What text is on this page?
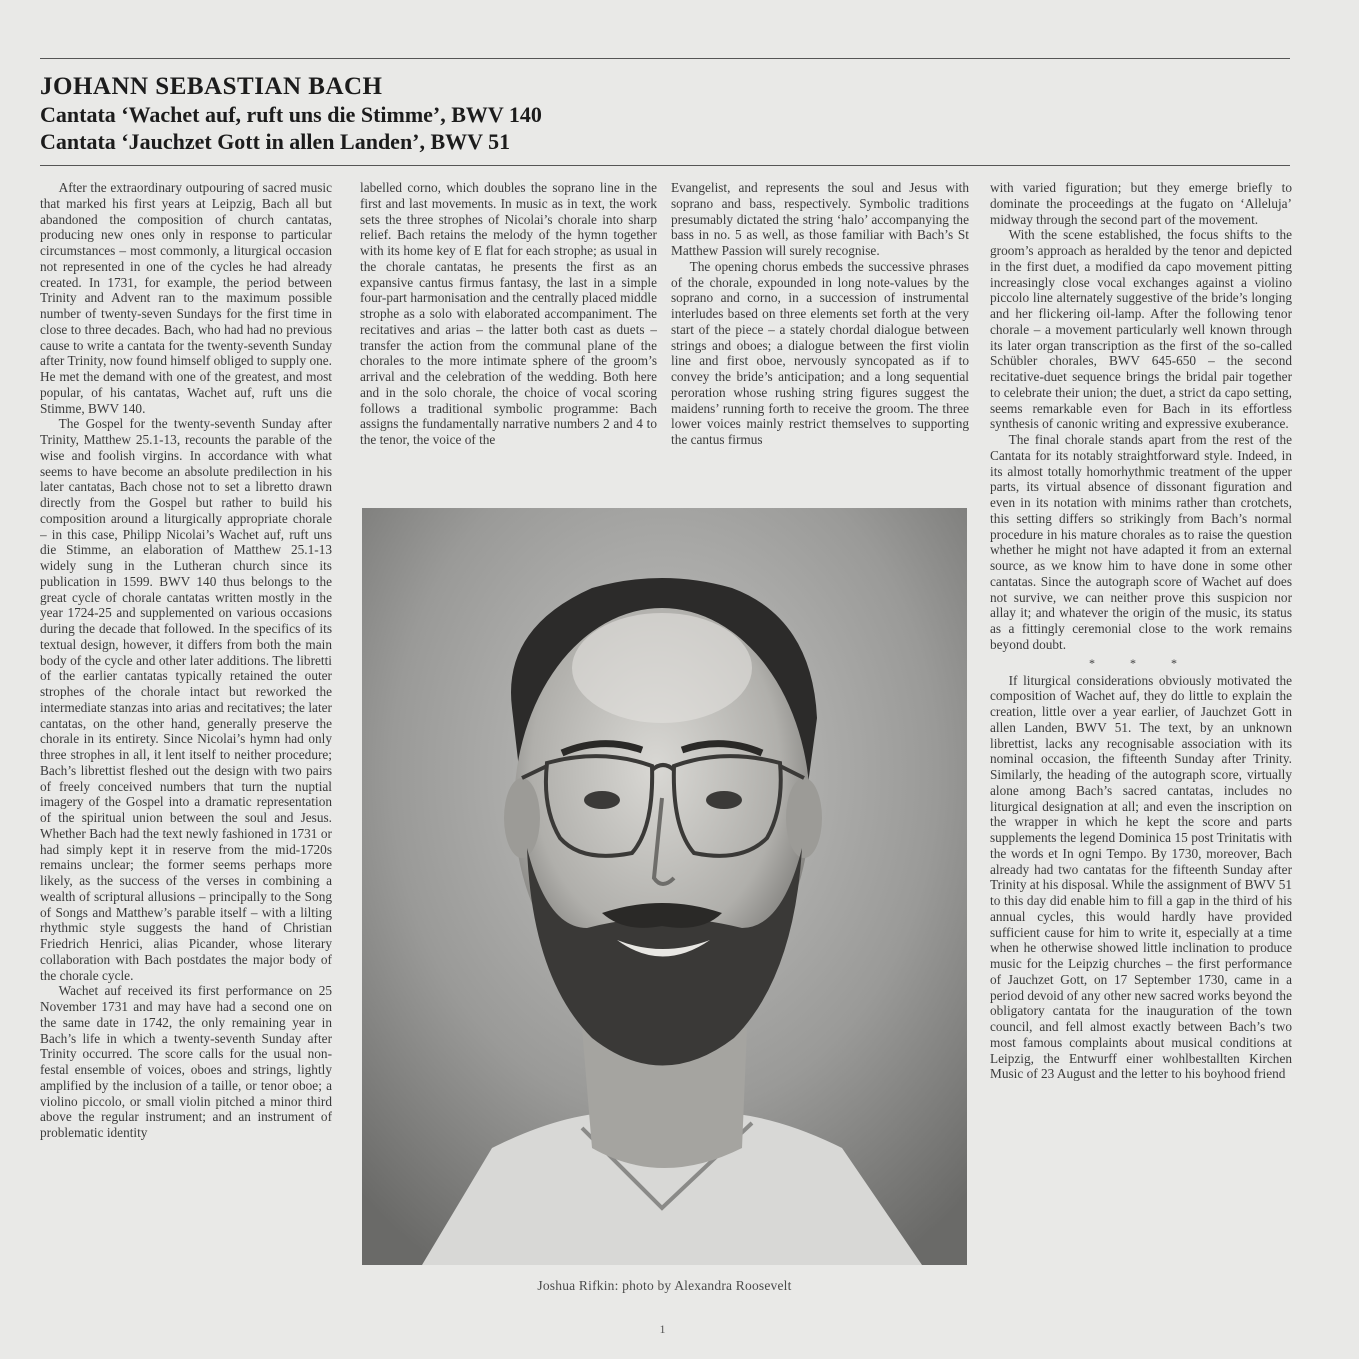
JOHANN SEBASTIAN BACH
Cantata ‘Wachet auf, ruft uns die Stimme’, BWV 140
Cantata ‘Jauchzet Gott in allen Landen’, BWV 51

After the extraordinary outpouring of sacred music that marked his first years at Leipzig, Bach all but abandoned the composition of church cantatas, producing new ones only in response to particular circumstances – most commonly, a liturgical occasion not represented in one of the cycles he had already created. In 1731, for example, the period between Trinity and Advent ran to the maximum possible number of twenty-seven Sundays for the first time in close to three decades. Bach, who had had no previous cause to write a cantata for the twenty-seventh Sunday after Trinity, now found himself obliged to supply one. He met the demand with one of the greatest, and most popular, of his cantatas, Wachet auf, ruft uns die Stimme, BWV 140.

The Gospel for the twenty-seventh Sunday after Trinity, Matthew 25.1-13, recounts the parable of the wise and foolish virgins. In accordance with what seems to have become an absolute predilection in his later cantatas, Bach chose not to set a libretto drawn directly from the Gospel but rather to build his composition around a liturgically appropriate chorale – in this case, Philipp Nicolai’s Wachet auf, ruft uns die Stimme, an elaboration of Matthew 25.1-13 widely sung in the Lutheran church since its publication in 1599. BWV 140 thus belongs to the great cycle of chorale cantatas written mostly in the year 1724-25 and supplemented on various occasions during the decade that followed. In the specifics of its textual design, however, it differs from both the main body of the cycle and other later additions. The libretti of the earlier cantatas typically retained the outer strophes of the chorale intact but reworked the intermediate stanzas into arias and recitatives; the later cantatas, on the other hand, generally preserve the chorale in its entirety. Since Nicolai’s hymn had only three strophes in all, it lent itself to neither procedure; Bach’s librettist fleshed out the design with two pairs of freely conceived numbers that turn the nuptial imagery of the Gospel into a dramatic representation of the spiritual union between the soul and Jesus. Whether Bach had the text newly fashioned in 1731 or had simply kept it in reserve from the mid-1720s remains unclear; the former seems perhaps more likely, as the success of the verses in combining a wealth of scriptural allusions – principally to the Song of Songs and Matthew’s parable itself – with a lilting rhythmic style suggests the hand of Christian Friedrich Henrici, alias Picander, whose literary collaboration with Bach postdates the major body of the chorale cycle.

Wachet auf received its first performance on 25 November 1731 and may have had a second one on the same date in 1742, the only remaining year in Bach’s life in which a twenty-seventh Sunday after Trinity occurred. The score calls for the usual non-festal ensemble of voices, oboes and strings, lightly amplified by the inclusion of a taille, or tenor oboe; a violino piccolo, or small violin pitched a minor third above the regular instrument; and an instrument of problematic identity

labelled corno, which doubles the soprano line in the first and last movements. In music as in text, the work sets the three strophes of Nicolai’s chorale into sharp relief. Bach retains the melody of the hymn together with its home key of E flat for each strophe; as usual in the chorale cantatas, he presents the first as an expansive cantus firmus fantasy, the last in a simple four-part harmonisation and the centrally placed middle strophe as a solo with elaborated accompaniment. The recitatives and arias – the latter both cast as duets – transfer the action from the communal plane of the chorales to the more intimate sphere of the groom’s arrival and the celebration of the wedding. Both here and in the solo chorale, the choice of vocal scoring follows a traditional symbolic programme: Bach assigns the fundamentally narrative numbers 2 and 4 to the tenor, the voice of the

Evangelist, and represents the soul and Jesus with soprano and bass, respectively. Symbolic traditions presumably dictated the string ‘halo’ accompanying the bass in no. 5 as well, as those familiar with Bach’s St Matthew Passion will surely recognise.

The opening chorus embeds the successive phrases of the chorale, expounded in long note-values by the soprano and corno, in a succession of instrumental interludes based on three elements set forth at the very start of the piece – a stately chordal dialogue between strings and oboes; a dialogue between the first violin line and first oboe, nervously syncopated as if to convey the bride’s anticipation; and a long sequential peroration whose rushing string figures suggest the maidens’ running forth to receive the groom. The three lower voices mainly restrict themselves to supporting the cantus firmus

with varied figuration; but they emerge briefly to dominate the proceedings at the fugato on ‘Alleluja’ midway through the second part of the movement.

With the scene established, the focus shifts to the groom’s approach as heralded by the tenor and depicted in the first duet, a modified da capo movement pitting increasingly close vocal exchanges against a violino piccolo line alternately suggestive of the bride’s longing and her flickering oil-lamp. After the following tenor chorale – a movement particularly well known through its later organ transcription as the first of the so-called Schübler chorales, BWV 645-650 – the second recitative-duet sequence brings the bridal pair together to celebrate their union; the duet, a strict da capo setting, seems remarkable even for Bach in its effortless synthesis of canonic writing and expressive exuberance.

The final chorale stands apart from the rest of the Cantata for its notably straightforward style. Indeed, in its almost totally homorhythmic treatment of the upper parts, its virtual absence of dissonant figuration and even in its notation with minims rather than crotchets, this setting differs so strikingly from Bach’s normal procedure in his mature chorales as to raise the question whether he might not have adapted it from an external source, as we know him to have done in some other cantatas. Since the autograph score of Wachet auf does not survive, we can neither prove this suspicion nor allay it; and whatever the origin of the music, its status as a fittingly ceremonial close to the work remains beyond doubt.

* * *

If liturgical considerations obviously motivated the composition of Wachet auf, they do little to explain the creation, little over a year earlier, of Jauchzet Gott in allen Landen, BWV 51. The text, by an unknown librettist, lacks any recognisable association with its nominal occasion, the fifteenth Sunday after Trinity. Similarly, the heading of the autograph score, virtually alone among Bach’s sacred cantatas, includes no liturgical designation at all; and even the inscription on the wrapper in which he kept the score and parts supplements the legend Dominica 15 post Trinitatis with the words et In ogni Tempo. By 1730, moreover, Bach already had two cantatas for the fifteenth Sunday after Trinity at his disposal. While the assignment of BWV 51 to this day did enable him to fill a gap in the third of his annual cycles, this would hardly have provided sufficient cause for him to write it, especially at a time when he otherwise showed little inclination to produce music for the Leipzig churches – the first performance of Jauchzet Gott, on 17 September 1730, came in a period devoid of any other new sacred works beyond the obligatory cantata for the inauguration of the town council, and fell almost exactly between Bach’s two most famous complaints about musical conditions at Leipzig, the Entwurff einer wohlbestallten Kirchen Music of 23 August and the letter to his boyhood friend

Joshua Rifkin: photo by Alexandra Roosevelt
1
